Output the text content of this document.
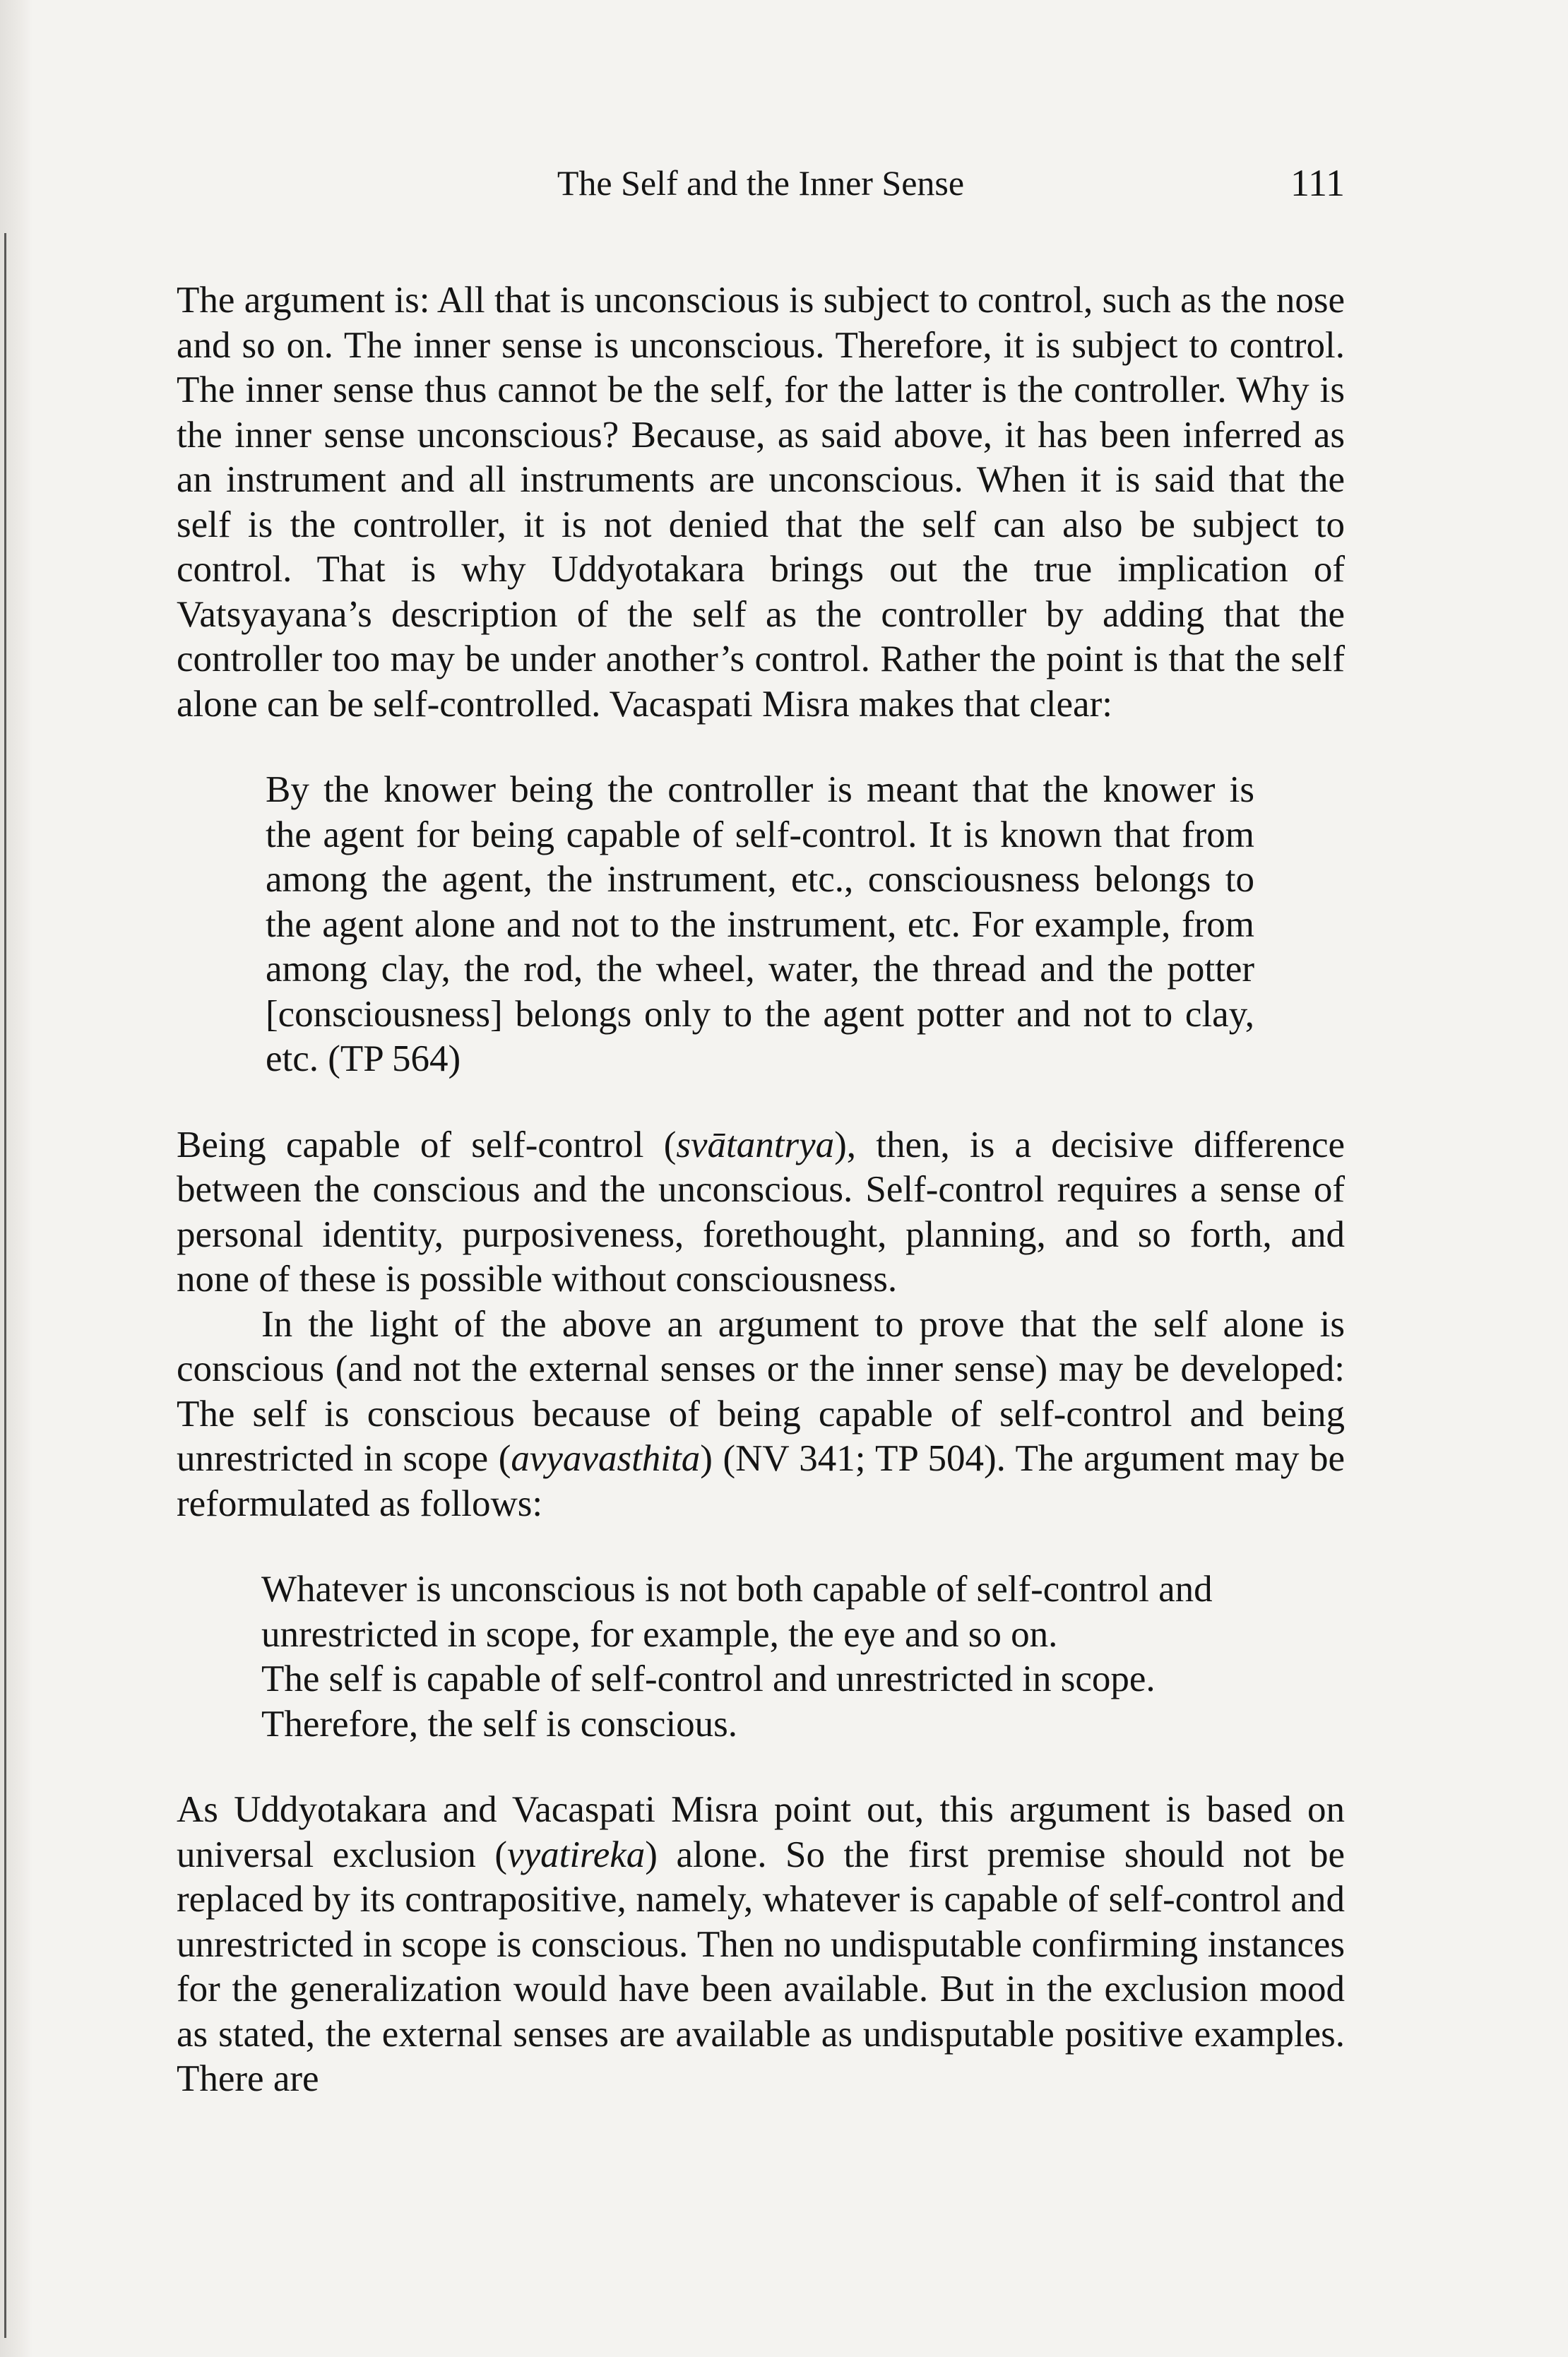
The Self and the Inner Sense	111

The argument is: All that is unconscious is subject to control, such as the nose and so on. The inner sense is unconscious. Therefore, it is subject to control. The inner sense thus cannot be the self, for the latter is the controller. Why is the inner sense unconscious? Because, as said above, it has been inferred as an instrument and all instruments are unconscious. When it is said that the self is the controller, it is not denied that the self can also be subject to control. That is why Uddyotakara brings out the true implication of Vatsyayana’s description of the self as the controller by adding that the controller too may be under another’s control. Rather the point is that the self alone can be self-controlled. Vacaspati Misra makes that clear:

By the knower being the controller is meant that the knower is the agent for being capable of self-control. It is known that from among the agent, the instrument, etc., consciousness belongs to the agent alone and not to the instrument, etc. For example, from among clay, the rod, the wheel, water, the thread and the potter [consciousness] belongs only to the agent potter and not to clay, etc. (TP 564)

Being capable of self-control (svātantrya), then, is a decisive difference between the conscious and the unconscious. Self-control requires a sense of personal identity, purposiveness, forethought, planning, and so forth, and none of these is possible without consciousness.

In the light of the above an argument to prove that the self alone is conscious (and not the external senses or the inner sense) may be developed: The self is conscious because of being capable of self-control and being unrestricted in scope (avyavasthita) (NV 341; TP 504). The argument may be reformulated as follows:

Whatever is unconscious is not both capable of self-control and unrestricted in scope, for example, the eye and so on.
The self is capable of self-control and unrestricted in scope.
Therefore, the self is conscious.

As Uddyotakara and Vacaspati Misra point out, this argument is based on universal exclusion (vyatireka) alone. So the first premise should not be replaced by its contrapositive, namely, whatever is capable of self-control and unrestricted in scope is conscious. Then no undisputable confirming instances for the generalization would have been available. But in the exclusion mood as stated, the external senses are available as undisputable positive examples. There are
